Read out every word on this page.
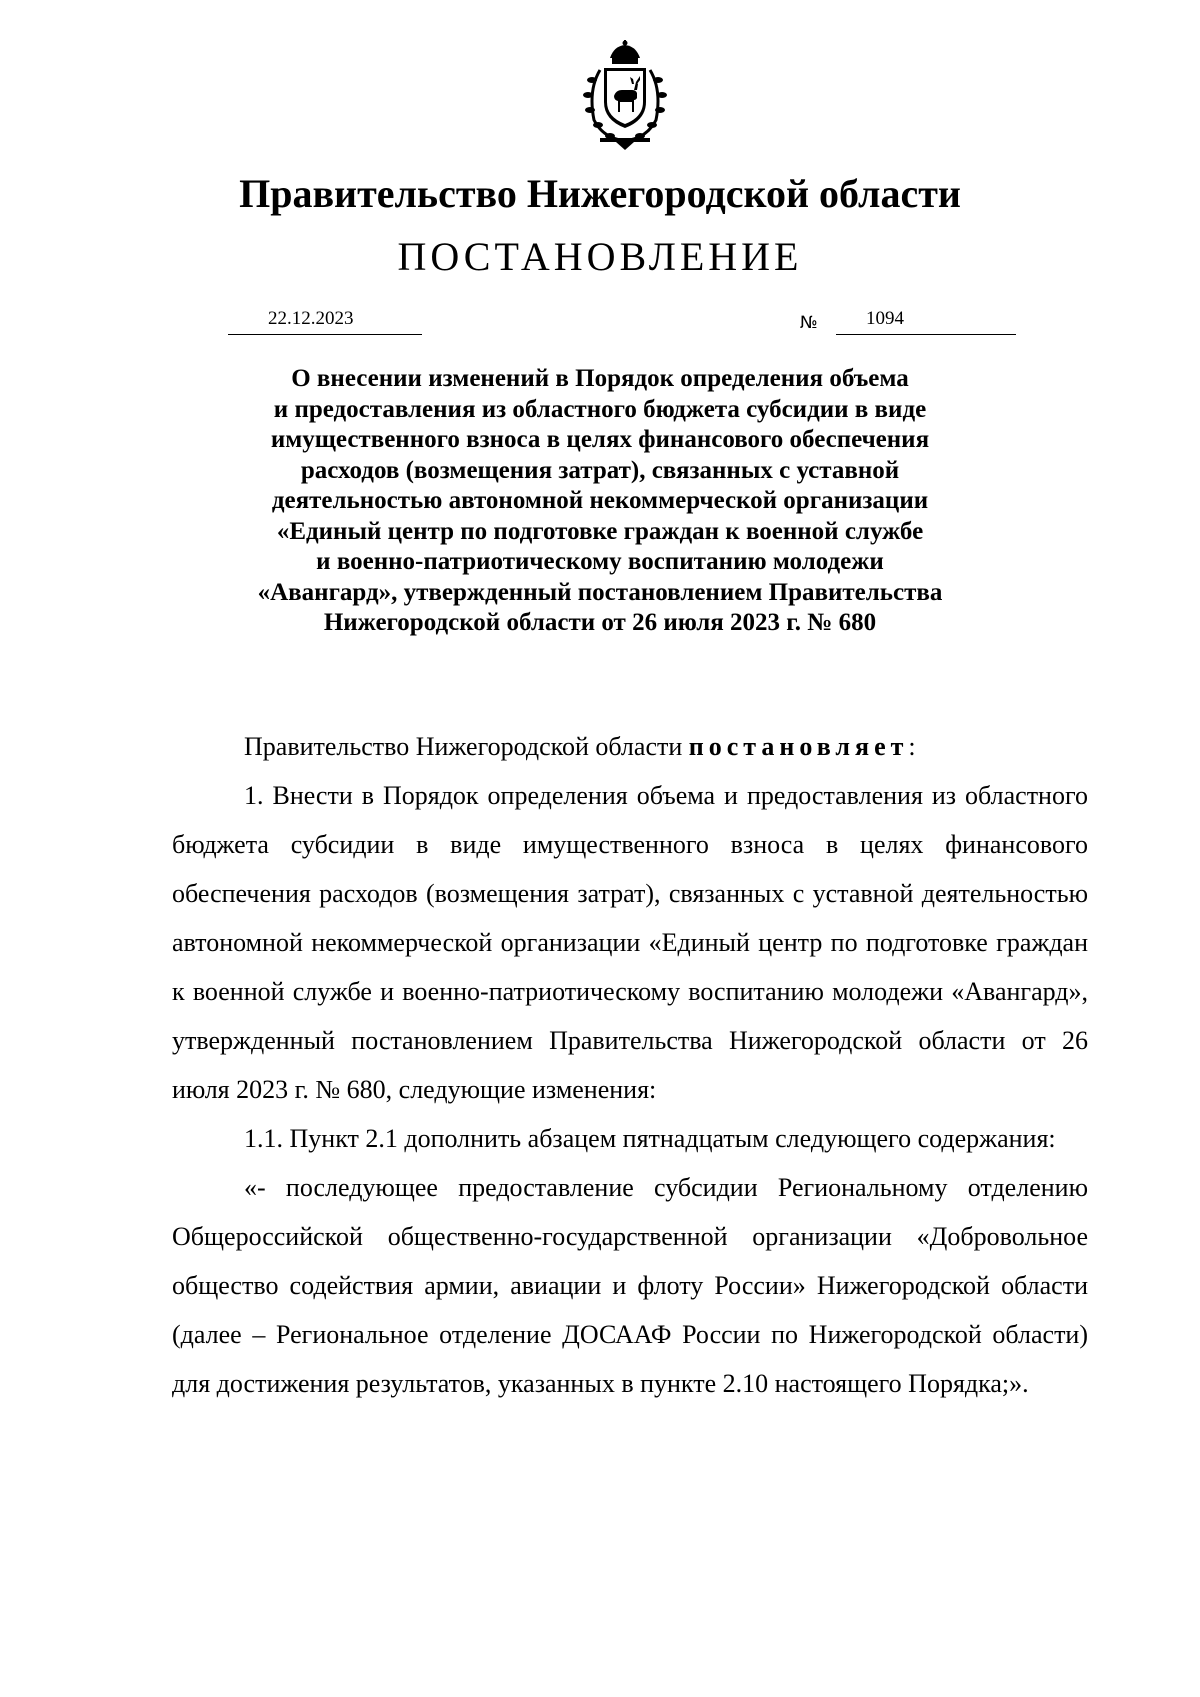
Правительство Нижегородской области
ПОСТАНОВЛЕНИЕ
22.12.2023	№	1094
О внесении изменений в Порядок определения объема
и предоставления из областного бюджета субсидии в виде
имущественного взноса в целях финансового обеспечения
расходов (возмещения затрат), связанных с уставной
деятельностью автономной некоммерческой организации
«Единый центр по подготовке граждан к военной службе
и военно-патриотическому воспитанию молодежи
«Авангард», утвержденный постановлением Правительства
Нижегородской области от 26 июля 2023 г. № 680

Правительство Нижегородской области постановляет:

1. Внести в Порядок определения объема и предоставления из областного бюджета субсидии в виде имущественного взноса в целях финансового обеспечения расходов (возмещения затрат), связанных с уставной деятельностью автономной некоммерческой организации «Единый центр по подготовке граждан к военной службе и военно-патриотическому воспитанию молодежи «Авангард», утвержденный постановлением Правительства Нижегородской области от 26 июля 2023 г. № 680, следующие изменения:

1.1. Пункт 2.1 дополнить абзацем пятнадцатым следующего содержания:

«- последующее предоставление субсидии Региональному отделению Общероссийской общественно-государственной организации «Добровольное общество содействия армии, авиации и флоту России» Нижегородской области (далее – Региональное отделение ДОСААФ России по Нижегородской области) для достижения результатов, указанных в пункте 2.10 настоящего Порядка;».
